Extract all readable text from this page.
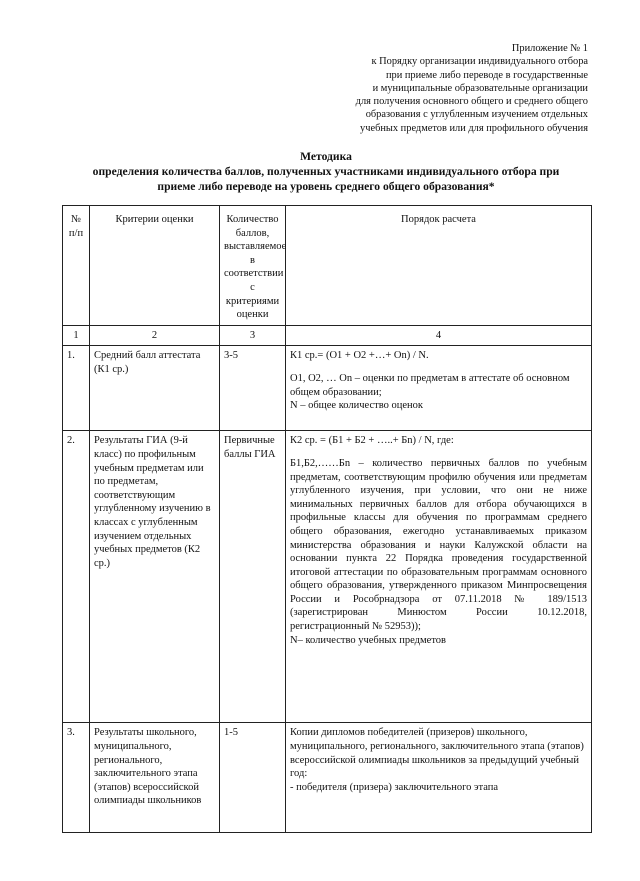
Приложение № 1
к Порядку организации индивидуального отбора
при приеме либо переводе в государственные
и муниципальные образовательные организации
для получения основного общего и среднего общего
образования с углубленным изучением отдельных
учебных предметов или для профильного обучения
Методика
определения количества баллов, полученных участниками индивидуального отбора при
приеме либо переводе на уровень среднего общего образования*
№ п/п	Критерии оценки	Количество баллов, выставляемое в соответствии с критериями оценки	Порядок расчета
1	2	3	4
1.	Средний балл аттестата (К1 ср.)	3-5	К1 ср.= (О1 + О2 +…+ Оn) / N.

О1, О2, … Оn – оценки по предметам в аттестате об основном общем образовании;

N – общее количество оценок

2.	Результаты ГИА (9-й класс) по профильным учебным предметам или по предметам, соответствующим углубленному изучению в классах с углубленным изучением отдельных учебных предметов (К2 ср.)	Первичные баллы ГИА	К2 ср. = (Б1 + Б2 + …..+ Бn) / N, где:

Б1,Б2,……Бn – количество первичных баллов по учебным предметам, соответствующим профилю обучения или предметам углубленного изучения, при условии, что они не ниже минимальных первичных баллов для отбора обучающихся в профильные классы для обучения по программам среднего общего образования, ежегодно устанавливаемых приказом министерства образования и науки Калужской области на основании пункта 22 Порядка проведения государственной итоговой аттестации по образовательным программам основного общего образования, утвержденного приказом Минпросвещения России и Рособрнадзора от 07.11.2018 № 189/1513 (зарегистрирован Минюстом России 10.12.2018, регистрационный № 52953));

N– количество учебных предметов

3.	Результаты школьного, муниципального, регионального, заключительного этапа (этапов) всероссийской олимпиады школьников	1-5	Копии дипломов победителей (призеров) школьного, муниципального, регионального, заключительного этапа (этапов) всероссийской олимпиады школьников за предыдущий учебный год:

- победителя (призера) заключительного этапа
